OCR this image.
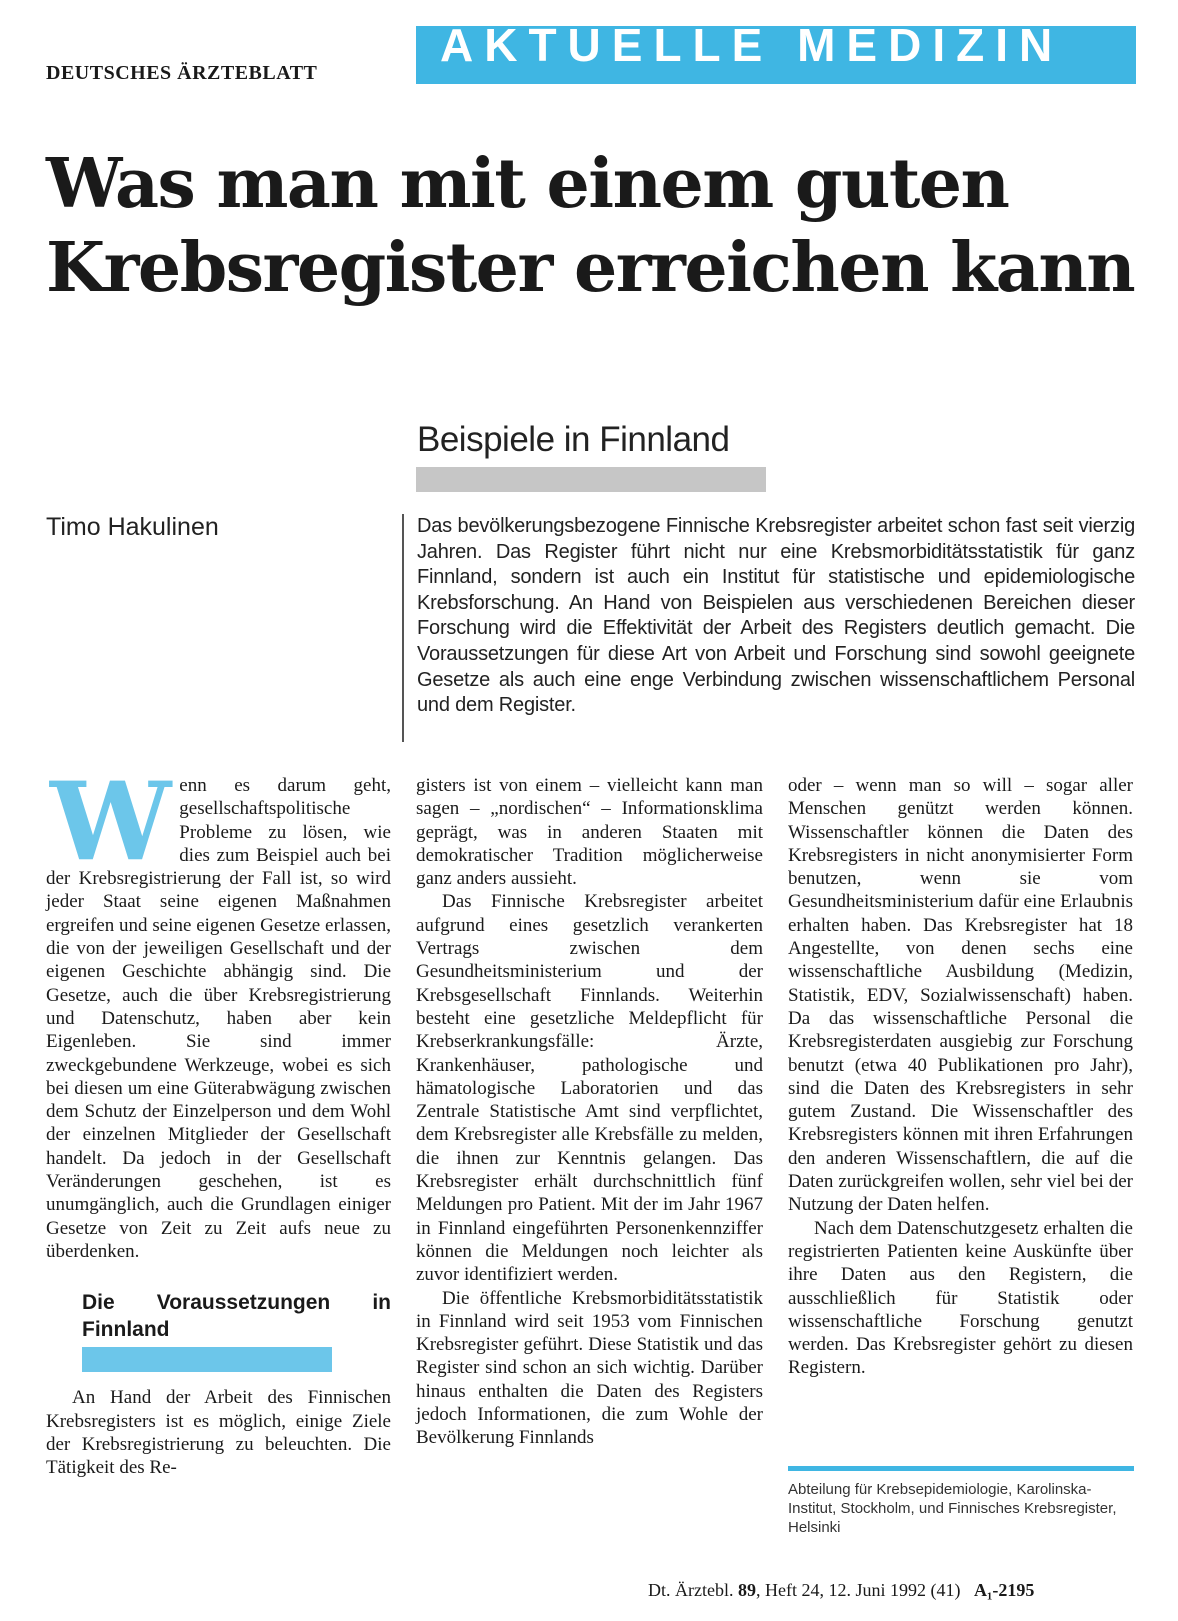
DEUTSCHES ÄRZTEBLATT
AKTUELLE MEDIZIN
Was man mit einem guten Krebsregister erreichen kann
Beispiele in Finnland
Timo Hakulinen	Das bevölkerungsbezogene Finnische Krebsregister arbeitet schon fast seit vierzig Jahren. Das Register führt nicht nur eine Krebsmorbiditätsstatistik für ganz Finnland, sondern ist auch ein Institut für statistische und epidemiologische Krebsforschung. An Hand von Beispielen aus verschiedenen Bereichen dieser Forschung wird die Effektivität der Arbeit des Registers deutlich gemacht. Die Voraussetzungen für diese Art von Arbeit und Forschung sind sowohl geeignete Gesetze als auch eine enge Verbindung zwischen wissenschaftlichem Personal und dem Register.

W enn es darum geht, gesellschaftspolitische Probleme zu lösen, wie dies zum Beispiel auch bei der Krebsregistrierung der Fall ist, so wird jeder Staat seine eigenen Maßnahmen ergreifen und seine eigenen Gesetze erlassen, die von der jeweiligen Gesellschaft und der eigenen Geschichte abhängig sind. Die Gesetze, auch die über Krebsregistrierung und Datenschutz, haben aber kein Eigenleben. Sie sind immer zweckgebundene Werkzeuge, wobei es sich bei diesen um eine Güterabwägung zwischen dem Schutz der Einzelperson und dem Wohl der einzelnen Mitglieder der Gesellschaft handelt. Da jedoch in der Gesellschaft Veränderungen geschehen, ist es unumgänglich, auch die Grundlagen einiger Gesetze von Zeit zu Zeit aufs neue zu überdenken.

Die Voraussetzungen in Finnland

An Hand der Arbeit des Finnischen Krebsregisters ist es möglich, einige Ziele der Krebsregistrierung zu beleuchten. Die Tätigkeit des Re-

gisters ist von einem – vielleicht kann man sagen – „nordischen“ – Informationsklima geprägt, was in anderen Staaten mit demokratischer Tradition möglicherweise ganz anders aussieht.

Das Finnische Krebsregister arbeitet aufgrund eines gesetzlich verankerten Vertrags zwischen dem Gesundheitsministerium und der Krebsgesellschaft Finnlands. Weiterhin besteht eine gesetzliche Meldepflicht für Krebserkrankungsfälle: Ärzte, Krankenhäuser, pathologische und hämatologische Laboratorien und das Zentrale Statistische Amt sind verpflichtet, dem Krebsregister alle Krebsfälle zu melden, die ihnen zur Kenntnis gelangen. Das Krebsregister erhält durchschnittlich fünf Meldungen pro Patient. Mit der im Jahr 1967 in Finnland eingeführten Personenkennziffer können die Meldungen noch leichter als zuvor identifiziert werden.

Die öffentliche Krebsmorbiditätsstatistik in Finnland wird seit 1953 vom Finnischen Krebsregister geführt. Diese Statistik und das Register sind schon an sich wichtig. Darüber hinaus enthalten die Daten des Registers jedoch Informationen, die zum Wohle der Bevölkerung Finnlands

oder – wenn man so will – sogar aller Menschen genützt werden können. Wissenschaftler können die Daten des Krebsregisters in nicht anonymisierter Form benutzen, wenn sie vom Gesundheitsministerium dafür eine Erlaubnis erhalten haben. Das Krebsregister hat 18 Angestellte, von denen sechs eine wissenschaftliche Ausbildung (Medizin, Statistik, EDV, Sozialwissenschaft) haben. Da das wissenschaftliche Personal die Krebsregisterdaten ausgiebig zur Forschung benutzt (etwa 40 Publikationen pro Jahr), sind die Daten des Krebsregisters in sehr gutem Zustand. Die Wissenschaftler des Krebsregisters können mit ihren Erfahrungen den anderen Wissenschaftlern, die auf die Daten zurückgreifen wollen, sehr viel bei der Nutzung der Daten helfen.

Nach dem Datenschutzgesetz erhalten die registrierten Patienten keine Auskünfte über ihre Daten aus den Registern, die ausschließlich für Statistik oder wissenschaftliche Forschung genutzt werden. Das Krebsregister gehört zu diesen Registern.

Abteilung für Krebsepidemiologie, Karolinska-Institut, Stockholm, und Finnisches Krebsregister, Helsinki
Dt. Ärztebl. 89, Heft 24, 12. Juni 1992 (41) A₁-2195
